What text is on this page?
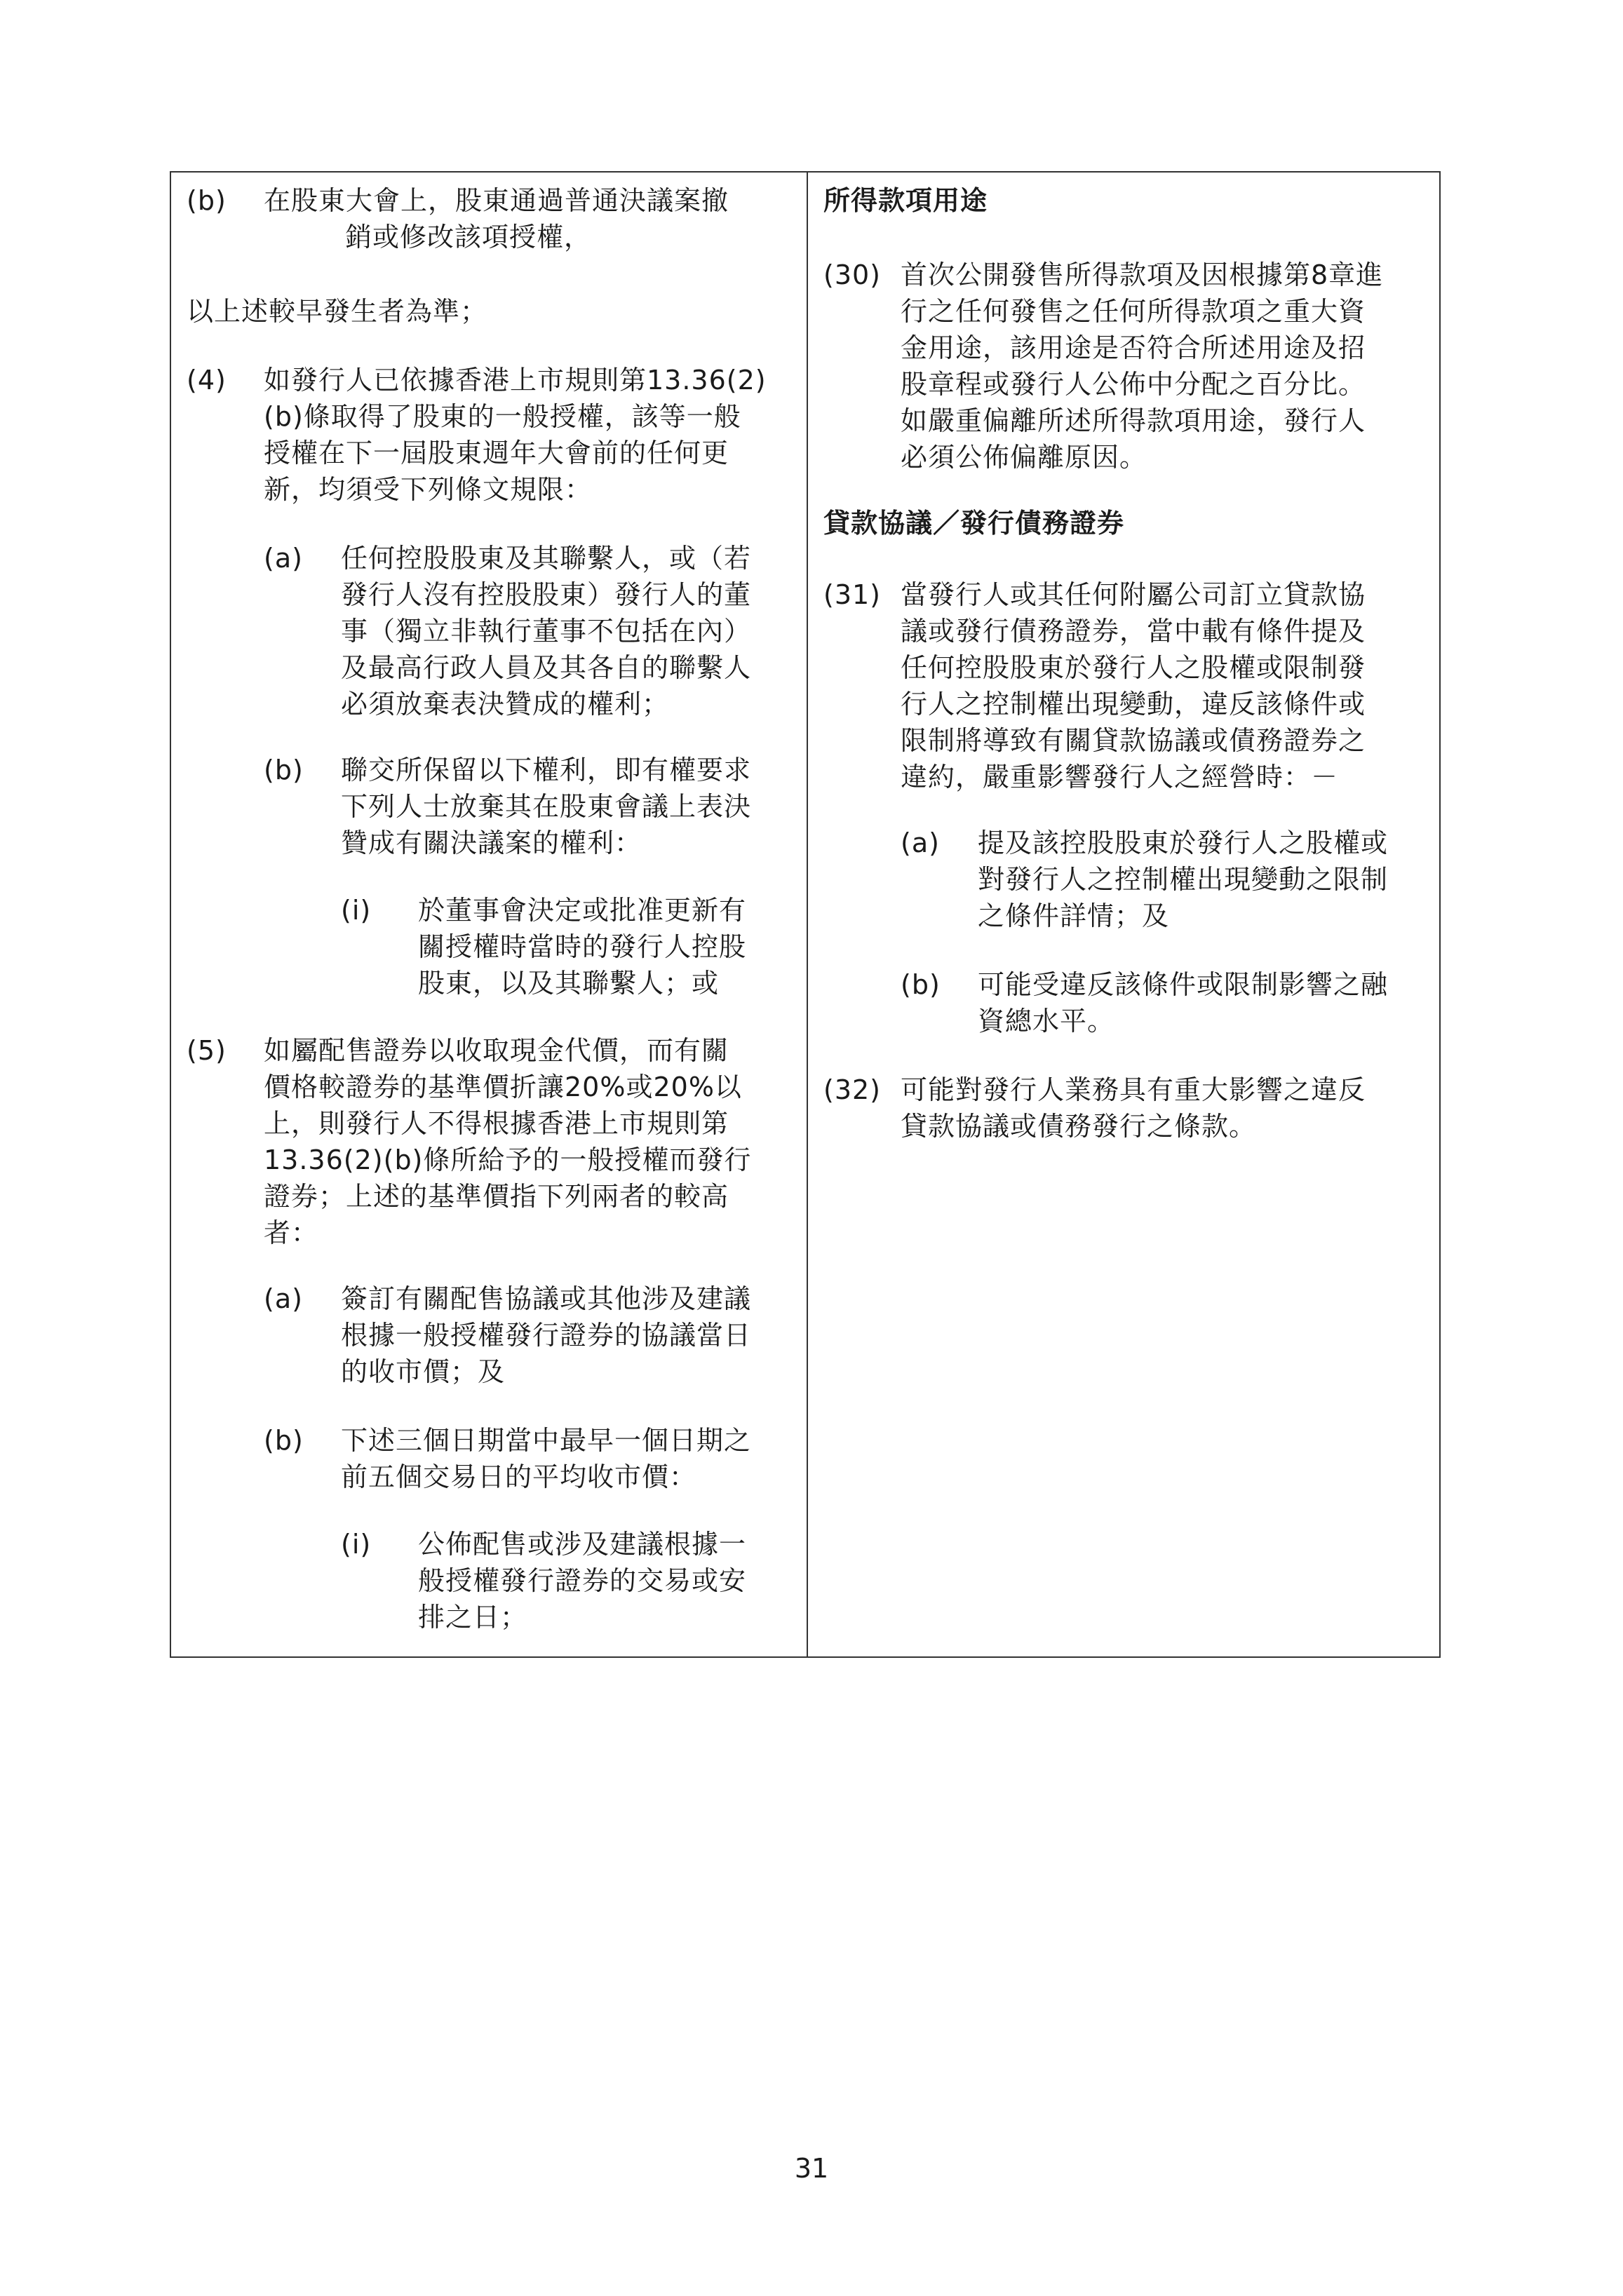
(b) 在股東大會上，股東通過普通決議案撤
銷或修改該項授權，
以上述較早發生者為準；
(4) 如發行人已依據香港上市規則第13.36(2)
(b)條取得了股東的一般授權，該等一般
授權在下一屆股東週年大會前的任何更
新，均須受下列條文規限：
(a) 任何控股股東及其聯繫人，或（若
發行人沒有控股股東）發行人的董
事（獨立非執行董事不包括在內）
及最高行政人員及其各自的聯繫人
必須放棄表決贊成的權利；
(b) 聯交所保留以下權利，即有權要求
下列人士放棄其在股東會議上表決
贊成有關決議案的權利：
(i) 於董事會決定或批准更新有
關授權時當時的發行人控股
股東，以及其聯繫人；或
(5) 如屬配售證券以收取現金代價，而有關
價格較證券的基準價折讓20%或20%以
上，則發行人不得根據香港上市規則第
13.36(2)(b)條所給予的一般授權而發行
證券；上述的基準價指下列兩者的較高
者：
(a) 簽訂有關配售協議或其他涉及建議
根據一般授權發行證券的協議當日
的收市價；及
(b) 下述三個日期當中最早一個日期之
前五個交易日的平均收市價：
(i) 公佈配售或涉及建議根據一
般授權發行證券的交易或安
排之日；
所得款項用途
(30) 首次公開發售所得款項及因根據第8章進
行之任何發售之任何所得款項之重大資
金用途，該用途是否符合所述用途及招
股章程或發行人公佈中分配之百分比。
如嚴重偏離所述所得款項用途，發行人
必須公佈偏離原因。
貸款協議／發行債務證券
(31) 當發行人或其任何附屬公司訂立貸款協
議或發行債務證券，當中載有條件提及
任何控股股東於發行人之股權或限制發
行人之控制權出現變動，違反該條件或
限制將導致有關貸款協議或債務證券之
違約，嚴重影響發行人之經營時：－
(a) 提及該控股股東於發行人之股權或
對發行人之控制權出現變動之限制
之條件詳情；及
(b) 可能受違反該條件或限制影響之融
資總水平。
(32) 可能對發行人業務具有重大影響之違反
貸款協議或債務發行之條款。
31
